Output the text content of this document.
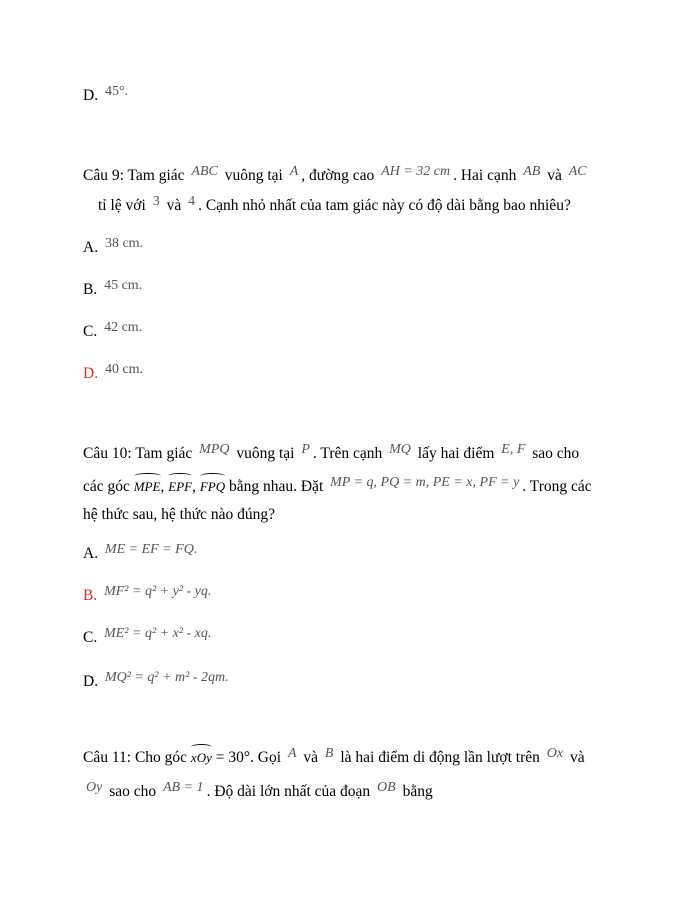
D. 45°.
Câu 9: Tam giác ABC vuông tại A , đường cao AH = 32 cm . Hai cạnh AB và AC
tỉ lệ với 3 và 4 . Cạnh nhỏ nhất của tam giác này có độ dài bằng bao nhiêu?
A. 38 cm.
B. 45 cm.
C. 42 cm.
D. 40 cm.
Câu 10: Tam giác MPQ vuông tại P . Trên cạnh MQ lấy hai điểm E, F sao cho
các góc MPE, EPF, FPQ bằng nhau. Đặt MP = q, PQ = m, PE = x, PF = y . Trong các
hệ thức sau, hệ thức nào đúng?
A. ME = EF = FQ.
B. MF² = q² + y² - yq.
C. ME² = q² + x² - xq.
D. MQ² = q² + m² - 2qm.
Câu 11: Cho góc xOy = 30°. Gọi A và B là hai điểm di động lần lượt trên Ox và
Oy sao cho AB = 1 . Độ dài lớn nhất của đoạn OB bằng
